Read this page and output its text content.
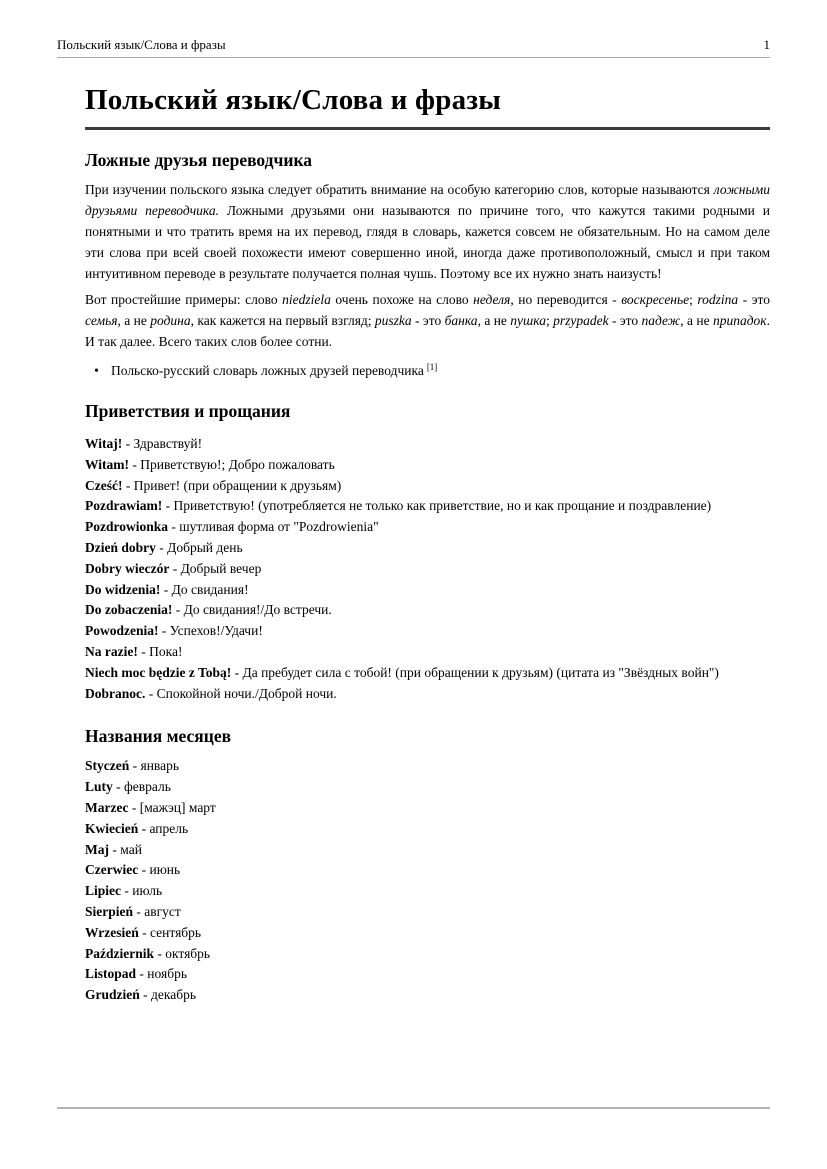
Польский язык/Слова и фразы	1
Польский язык/Слова и фразы
Ложные друзья переводчика

При изучении польского языка следует обратить внимание на особую категорию слов, которые называются ложными друзьями переводчика. Ложными друзьями они называются по причине того, что кажутся такими родными и понятными и что тратить время на их перевод, глядя в словарь, кажется совсем не обязательным. Но на самом деле эти слова при всей своей похожести имеют совершенно иной, иногда даже противоположный, смысл и при таком интуитивном переводе в результате получается полная чушь. Поэтому все их нужно знать наизусть!

Вот простейшие примеры: слово niedziela очень похоже на слово неделя, но переводится - воскресенье; rodzina - это семья, а не родина, как кажется на первый взгляд; puszka - это банка, а не пушка; przypadek - это падеж, а не припадок. И так далее. Всего таких слов более сотни.

• Польско-русский словарь ложных друзей переводчика [1]
Приветствия и прощания
Witaj! - Здравствуй!
Witam! - Приветствую!; Добро пожаловать
Cześć! - Привет! (при обращении к друзьям)
Pozdrawiam! - Приветствую! (употребляется не только как приветствие, но и как прощание и поздравление)
Pozdrowionka - шутливая форма от "Pozdrowienia"
Dzień dobry - Добрый день
Dobry wieczór - Добрый вечер
Do widzenia! - До свидания!
Do zobaczenia! - До свидания!/До встречи.
Powodzenia! - Успехов!/Удачи!
Na razie! - Пока!
Niech moc będzie z Tobą! - Да пребудет сила с тобой! (при обращении к друзьям) (цитата из "Звёздных войн")
Dobranoc. - Спокойной ночи./Доброй ночи.
Названия месяцев
Styczeń - январь
Luty - февраль
Marzec - [мажэц] март
Kwiecień - апрель
Maj - май
Czerwiec - июнь
Lipiec - июль
Sierpień - август
Wrzesień - сентябрь
Październik - октябрь
Listopad - ноябрь
Grudzień - декабрь
